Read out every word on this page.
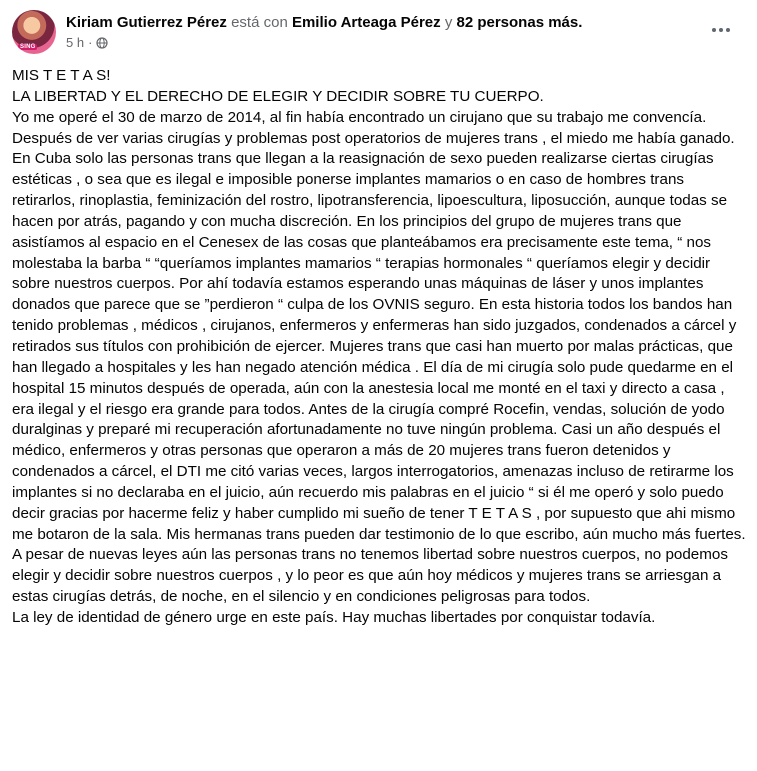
SING
Kiriam Gutierrez Pérez está con Emilio Arteaga Pérez y 82 personas más.
5 h ·

MIS T E T A S!

LA LIBERTAD Y EL DERECHO DE ELEGIR Y DECIDIR SOBRE TU CUERPO.

Yo me operé el 30 de marzo de 2014, al fin había encontrado un cirujano que su trabajo me convencía. Después de ver varias cirugías y problemas post operatorios de mujeres trans , el miedo me había ganado. En Cuba solo las personas trans que llegan a la reasignación de sexo pueden realizarse ciertas cirugías estéticas , o sea que es ilegal e imposible ponerse implantes mamarios o en caso de hombres trans retirarlos, rinoplastia, feminización del rostro, lipotransferencia, lipoesculturа, liposucción, aunque todas se hacen por atrás, pagando y con mucha discreción. En los principios del grupo de mujeres trans que asistíamos al espacio en el Cenesex de las cosas que planteábamos era precisamente este tema, “ nos molestaba la barba “ “queríamos implantes mamarios “ terapias hormonales “ queríamos elegir y decidir sobre nuestros cuerpos. Por ahí todavía estamos esperando unas máquinas de láser y unos implantes donados que parece que se ”perdieron “ culpa de los OVNIS seguro. En esta historia todos los bandos han tenido problemas , médicos , cirujanos, enfermeros y enfermeras han sido juzgados, condenados a cárcel y retirados sus títulos con prohibición de ejercer. Mujeres trans que casi han muerto por malas prácticas, que han llegado a hospitales y les han negado atención médica . El día de mi cirugía solo pude quedarme en el hospital 15 minutos después de operada, aún con la anestesia local me monté en el taxi y directo a casa , era ilegal y el riesgo era grande para todos. Antes de la cirugía compré Rocefin, vendas, solución de yodo duralginas y preparé mi recuperación afortunadamente no tuve ningún problema. Casi un año después el médico, enfermeros y otras personas que operaron a más de 20 mujeres trans fueron detenidos y condenados a cárcel, el DTI me citó varias veces, largos interrogatorios, amenazas incluso de retirarme los implantes si no declaraba en el juicio, aún recuerdo mis palabras en el juicio “ si él me operó y solo puedo decir gracias por hacerme feliz y haber cumplido mi sueño de tener T E T A S , por supuesto que ahi mismo me botaron de la sala. Mis hermanas trans pueden dar testimonio de lo que escribo, aún mucho más fuertes.

A pesar de nuevas leyes aún las personas trans no tenemos libertad sobre nuestros cuerpos, no podemos elegir y decidir sobre nuestros cuerpos , y lo peor es que aún hoy médicos y mujeres trans se arriesgan a estas cirugías detrás, de noche, en el silencio y en condiciones peligrosas para todos.

La ley de identidad de género urge en este país. Hay muchas libertades por conquistar todavía.
